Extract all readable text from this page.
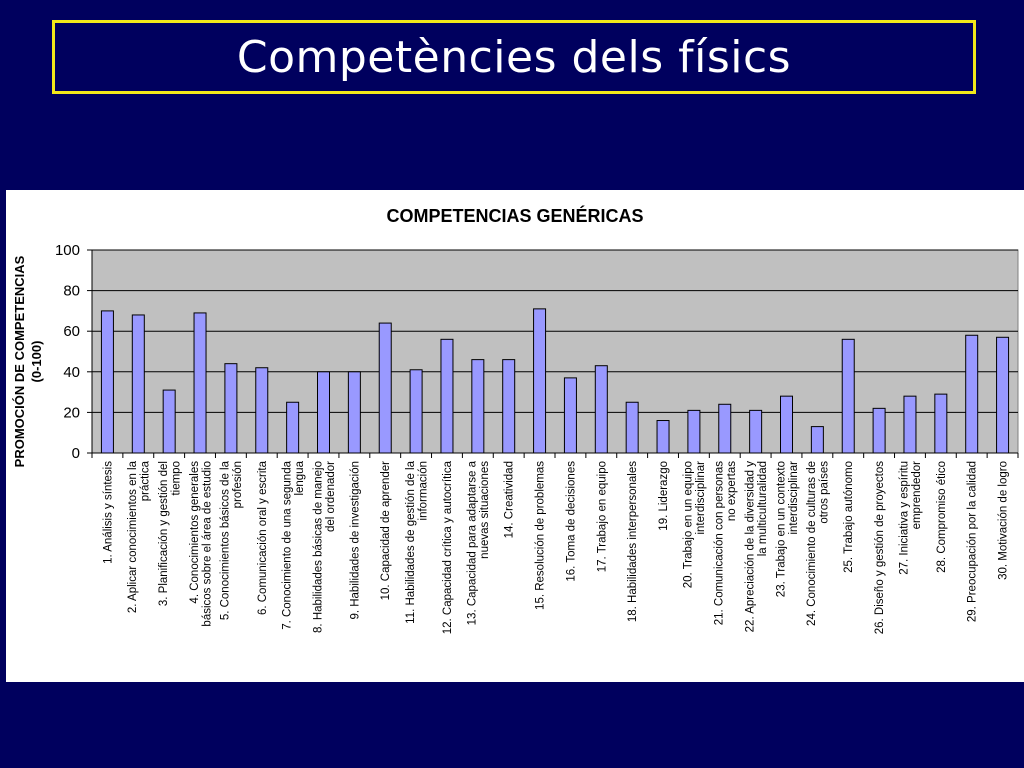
Competències dels físics
COMPETENCIAS GENÉRICAS
PROMOCIÓN DE COMPETENCIAS (0-100)
0
20
40
60
80
100
1. Análisis y síntesis 2. Aplicar conocimientos en la práctica 3. Planificación y gestión del tiempo 4. Conocimientos generales básicos sobre el área de estudio 5. Conocimientos básicos de la profesión 6. Comunicación oral y escrita 7. Conocimiento de una segunda lengua 8. Habilidades básicas de manejo del ordenador 9. Habilidades de investigación 10. Capacidad de aprender 11. Habilidades de gestión de la información 12. Capacidad crítica y autocrítica 13. Capacidad para adaptarse a nuevas situaciones 14. Creatividad 15. Resolución de problemas 16. Toma de decisiones 17. Trabajo en equipo 18. Habilidades interpersonales 19. Liderazgo 20. Trabajo en un equipo interdisciplinar 21. Comunicación con personas no expertas 22. Apreciación de la diversidad y la multiculturalidad 23. Trabajo en un contexto interdisciplinar 24. Conocimiento de culturas de otros países 25. Trabajo autónomo 26. Diseño y gestión de proyectos 27. Iniciativa y espíritu emprendedor 28. Compromiso ético 29. Preocupación por la calidad 30. Motivación de logro
